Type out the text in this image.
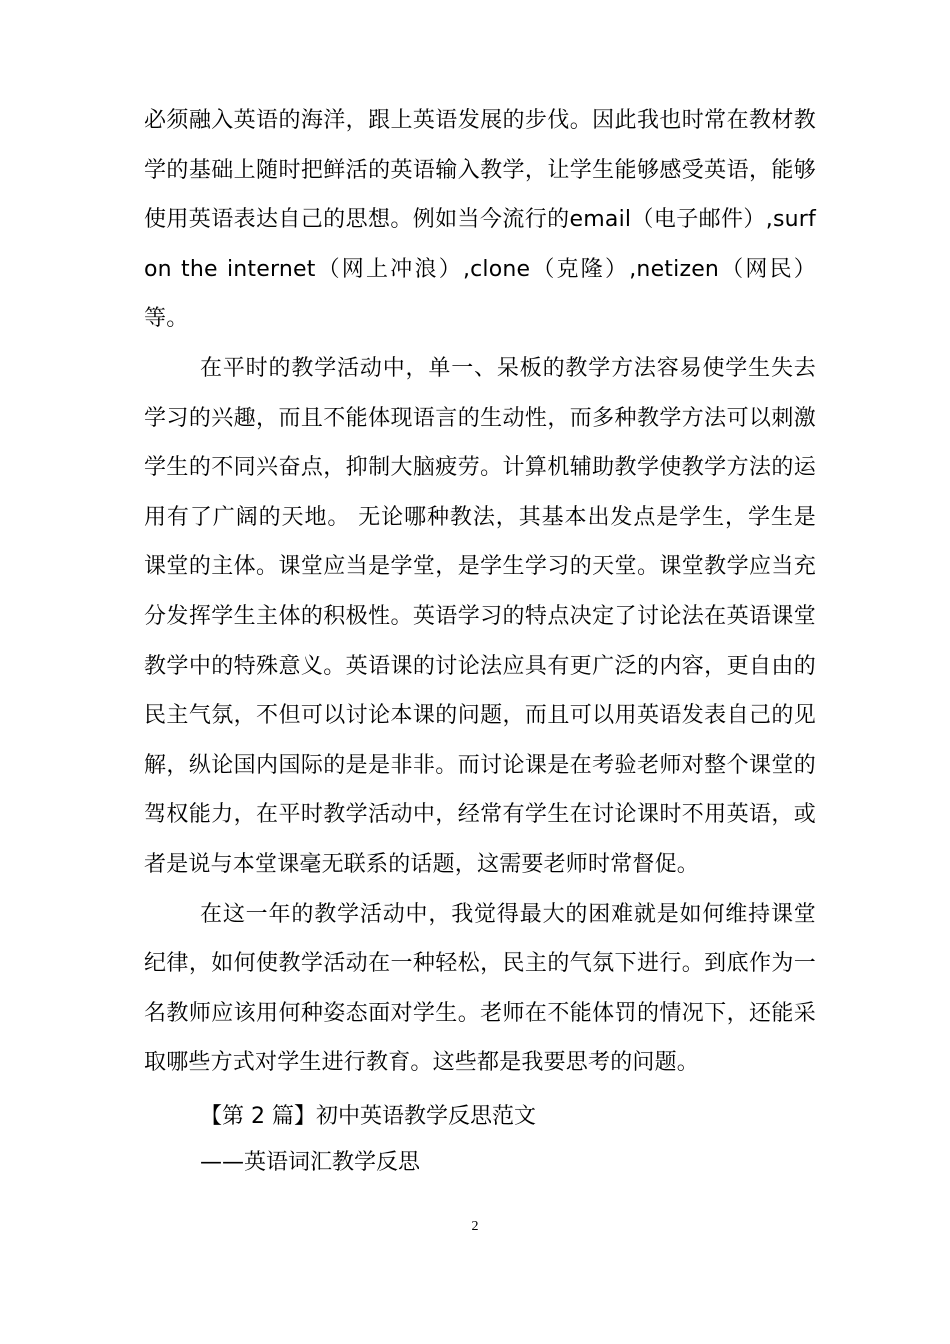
必须融入英语的海洋，跟上英语发展的步伐。因此我也时常在教材教学的基础上随时把鲜活的英语输入教学，让学生能够感受英语，能够使用英语表达自己的思想。例如当今流行的email（电子邮件）,surf on the internet（网上冲浪）,clone（克隆）,netizen（网民）等。

在平时的教学活动中，单一、呆板的教学方法容易使学生失去学习的兴趣，而且不能体现语言的生动性，而多种教学方法可以刺激学生的不同兴奋点，抑制大脑疲劳。计算机辅助教学使教学方法的运用有了广阔的天地。 无论哪种教法，其基本出发点是学生，学生是课堂的主体。课堂应当是学堂，是学生学习的天堂。课堂教学应当充分发挥学生主体的积极性。英语学习的特点决定了讨论法在英语课堂教学中的特殊意义。英语课的讨论法应具有更广泛的内容，更自由的民主气氛，不但可以讨论本课的问题，而且可以用英语发表自己的见解，纵论国内国际的是是非非。而讨论课是在考验老师对整个课堂的驾权能力，在平时教学活动中，经常有学生在讨论课时不用英语，或者是说与本堂课毫无联系的话题，这需要老师时常督促。

在这一年的教学活动中，我觉得最大的困难就是如何维持课堂纪律，如何使教学活动在一种轻松，民主的气氛下进行。到底作为一名教师应该用何种姿态面对学生。老师在不能体罚的情况下，还能采取哪些方式对学生进行教育。这些都是我要思考的问题。

【第 2 篇】初中英语教学反思范文

——英语词汇教学反思

2
